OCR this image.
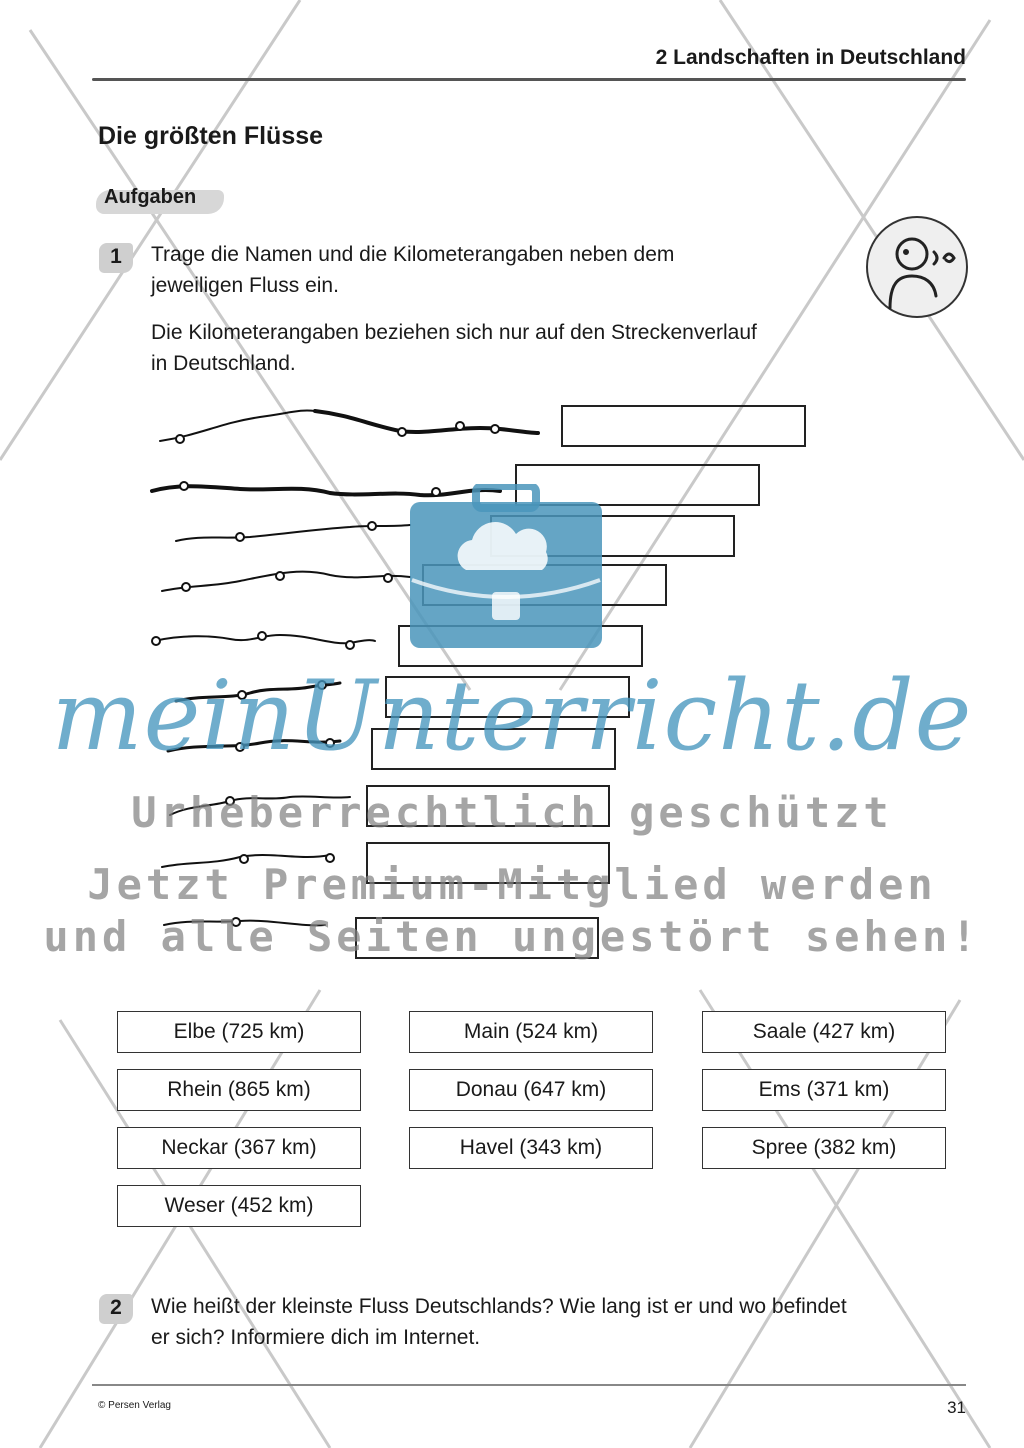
2 Landschaften in Deutschland
Die größten Flüsse
Aufgaben
1	Trage die Namen und die Kilometerangaben neben dem
jeweiligen Fluss ein.
Die Kilometerangaben beziehen sich nur auf den Streckenverlauf
in Deutschland.
meinUnterricht.de
Urheberrechtlich geschützt
Jetzt Premium-Mitglied werden
und alle Seiten ungestört sehen!
Elbe (725 km)	Main (524 km)	Saale (427 km)
Rhein (865 km)	Donau (647 km)	Ems (371 km)
Neckar (367 km)	Havel (343 km)	Spree (382 km)
Weser (452 km)
2	Wie heißt der kleinste Fluss Deutschlands? Wie lang ist er und wo befindet
er sich? Informiere dich im Internet.
© Persen Verlag	31
